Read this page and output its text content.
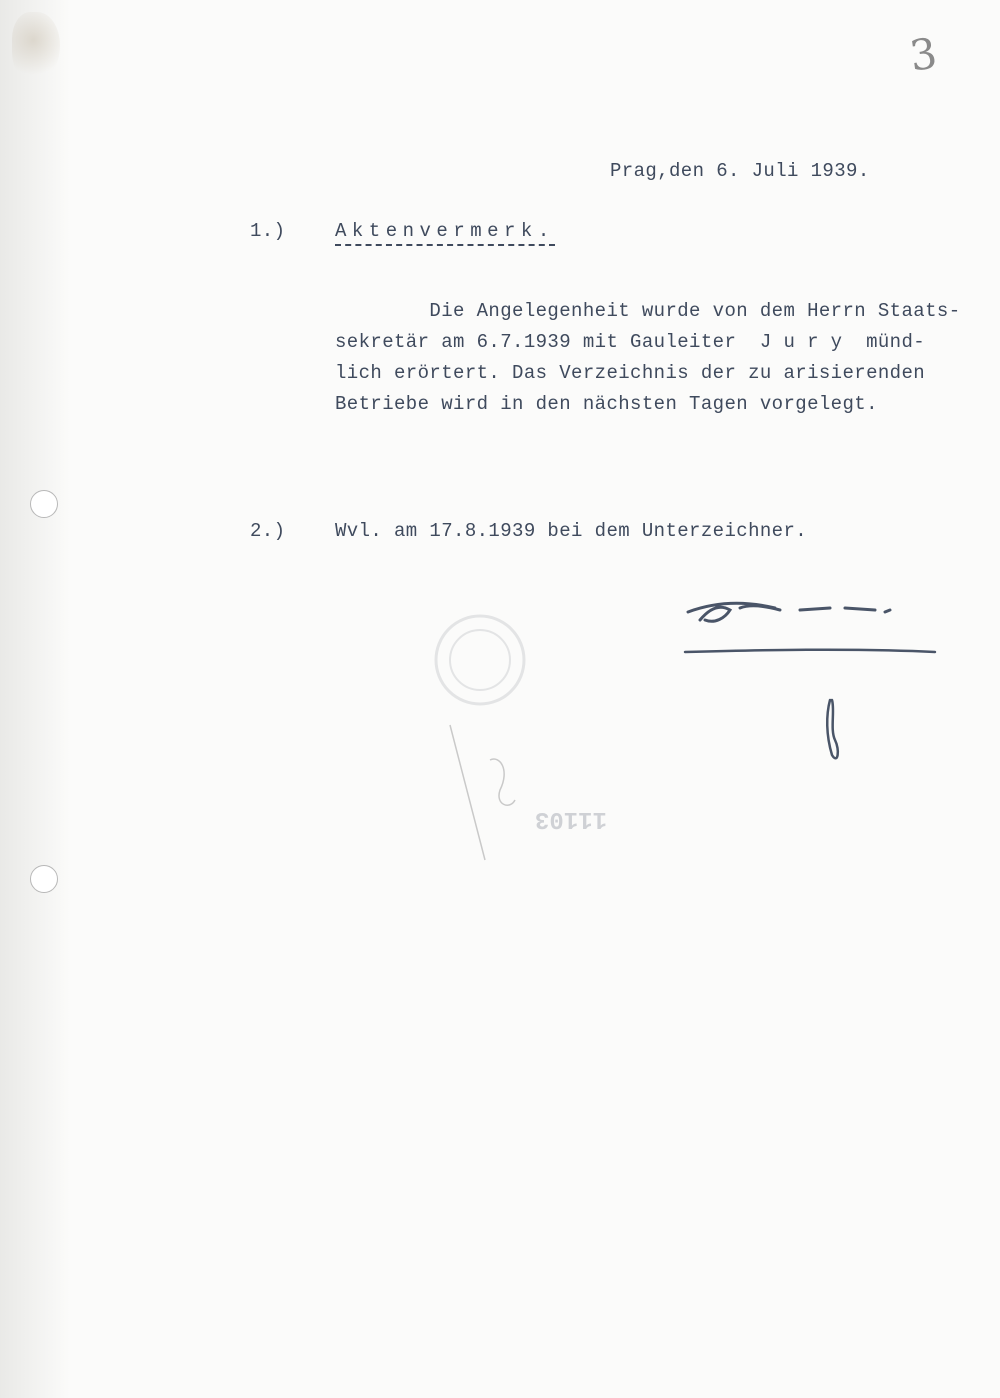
3
Prag,den 6. Juli 1939.
1.)	Aktenvermerk.
Die Angelegenheit wurde von dem Herrn Staats-
sekretär am 6.7.1939 mit Gauleiter  J u r y  münd-
lich erörtert. Das Verzeichnis der zu arisierenden
Betriebe wird in den nächsten Tagen vorgelegt.
2.)	Wvl. am 17.8.1939 bei dem Unterzeichner.
11103
